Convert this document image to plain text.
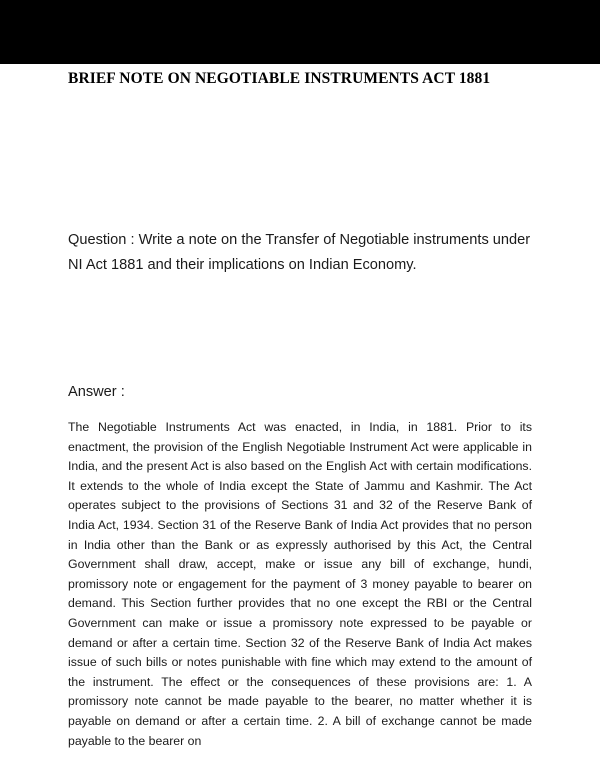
BRIEF NOTE ON NEGOTIABLE INSTRUMENTS ACT 1881

Question : Write a note on the Transfer of Negotiable instruments under NI Act 1881 and their implications on Indian Economy.

Answer :

The Negotiable Instruments Act was enacted, in India, in 1881. Prior to its enactment, the provision of the English Negotiable Instrument Act were applicable in India, and the present Act is also based on the English Act with certain modifications. It extends to the whole of India except the State of Jammu and Kashmir. The Act operates subject to the provisions of Sections 31 and 32 of the Reserve Bank of India Act, 1934. Section 31 of the Reserve Bank of India Act provides that no person in India other than the Bank or as expressly authorised by this Act, the Central Government shall draw, accept, make or issue any bill of exchange, hundi, promissory note or engagement for the payment of 3 money payable to bearer on demand. This Section further provides that no one except the RBI or the Central Government can make or issue a promissory note expressed to be payable or demand or after a certain time. Section 32 of the Reserve Bank of India Act makes issue of such bills or notes punishable with fine which may extend to the amount of the instrument. The effect or the consequences of these provisions are: 1. A promissory note cannot be made payable to the bearer, no matter whether it is payable on demand or after a certain time. 2. A bill of exchange cannot be made payable to the bearer on
